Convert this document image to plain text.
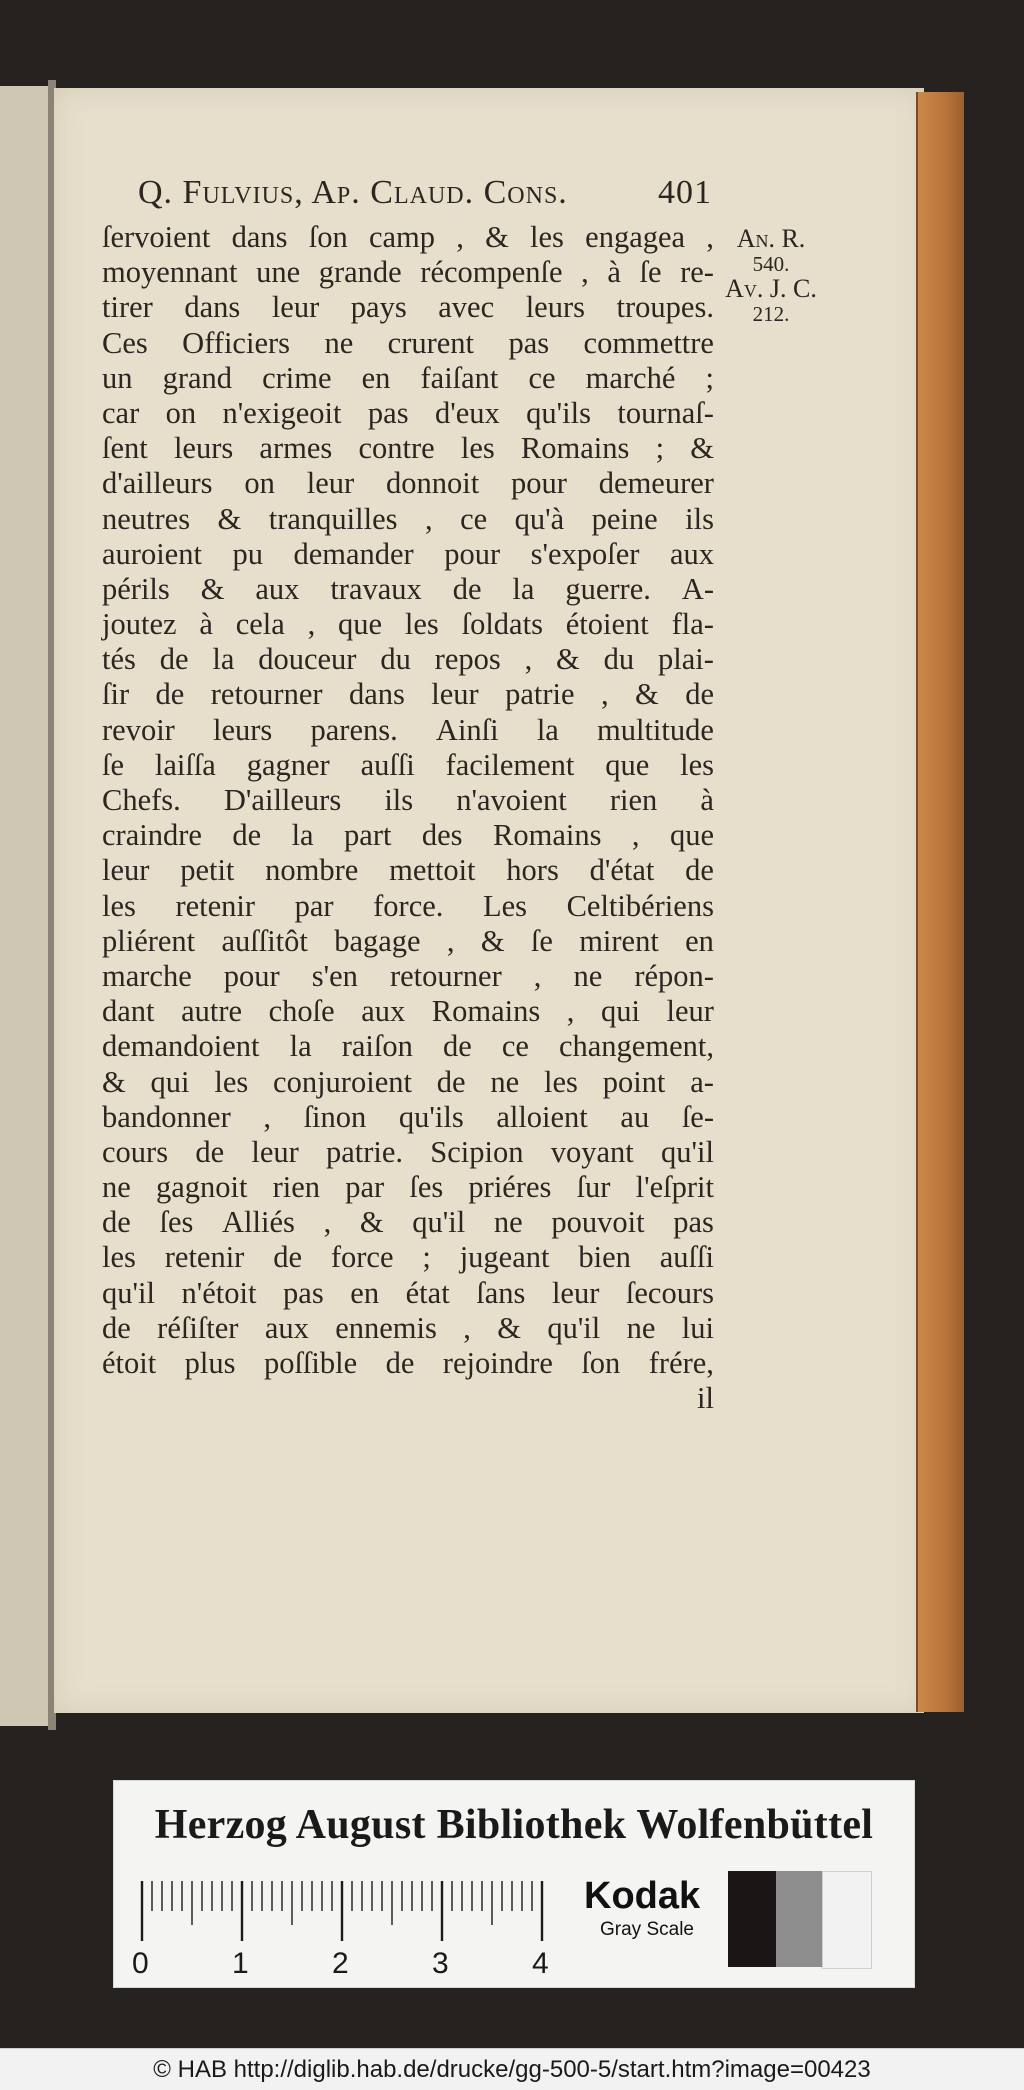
Q. Fulvius, Ap. Claud. Cons.	401
An. R.
540.
Av. J. C.
212.
ſervoient dans ſon camp , & les engagea ,
moyennant une grande récompenſe , à ſe re-
tirer dans leur pays avec leurs troupes.
Ces Officiers ne crurent pas commettre
un grand crime en faiſant ce marché ;
car on n'exigeoit pas d'eux qu'ils tournaſ-
ſent leurs armes contre les Romains ; &
d'ailleurs on leur donnoit pour demeurer
neutres & tranquilles , ce qu'à peine ils
auroient pu demander pour s'expoſer aux
périls & aux travaux de la guerre. A-
joutez à cela , que les ſoldats étoient fla-
tés de la douceur du repos , & du plai-
ſir de retourner dans leur patrie , & de
revoir leurs parens. Ainſi la multitude
ſe laiſſa gagner auſſi facilement que les
Chefs. D'ailleurs ils n'avoient rien à
craindre de la part des Romains , que
leur petit nombre mettoit hors d'état de
les retenir par force. Les Celtibériens
pliérent auſſitôt bagage , & ſe mirent en
marche pour s'en retourner , ne répon-
dant autre choſe aux Romains , qui leur
demandoient la raiſon de ce changement,
& qui les conjuroient de ne les point a-
bandonner , ſinon qu'ils alloient au ſe-
cours de leur patrie. Scipion voyant qu'il
ne gagnoit rien par ſes priéres ſur l'eſprit
de ſes Alliés , & qu'il ne pouvoit pas
les retenir de force ; jugeant bien auſſi
qu'il n'étoit pas en état ſans leur ſecours
de réſiſter aux ennemis , & qu'il ne lui
étoit plus poſſible de rejoindre ſon frére,
il
Herzog August Bibliothek Wolfenbüttel
0	1	2	3	4
Kodak
Gray Scale
© HAB http://diglib.hab.de/drucke/gg-500-5/start.htm?image=00423
